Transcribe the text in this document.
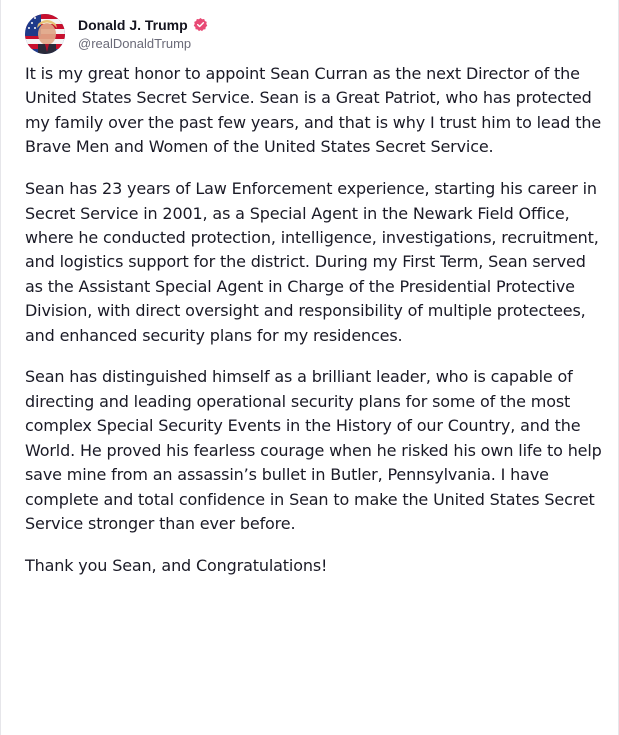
Donald J. Trump
@realDonaldTrump

It is my great honor to appoint Sean Curran as the next Director of the United States Secret Service. Sean is a Great Patriot, who has protected my family over the past few years, and that is why I trust him to lead the Brave Men and Women of the United States Secret Service.

Sean has 23 years of Law Enforcement experience, starting his career in Secret Service in 2001, as a Special Agent in the Newark Field Office, where he conducted protection, intelligence, investigations, recruitment, and logistics support for the district. During my First Term, Sean served as the Assistant Special Agent in Charge of the Presidential Protective Division, with direct oversight and responsibility of multiple protectees, and enhanced security plans for my residences.

Sean has distinguished himself as a brilliant leader, who is capable of directing and leading operational security plans for some of the most complex Special Security Events in the History of our Country, and the World. He proved his fearless courage when he risked his own life to help save mine from an assassin’s bullet in Butler, Pennsylvania. I have complete and total confidence in Sean to make the United States Secret Service stronger than ever before.

Thank you Sean, and Congratulations!
